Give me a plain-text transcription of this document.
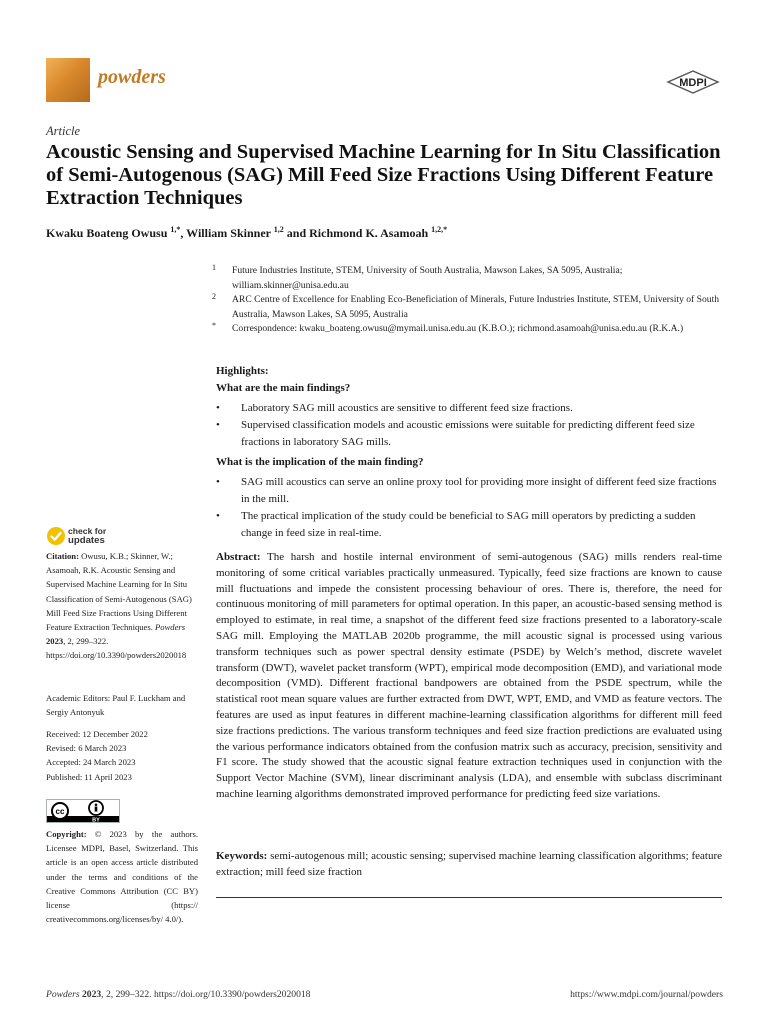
powders	MDPI
Article
Acoustic Sensing and Supervised Machine Learning for In Situ Classification of Semi-Autogenous (SAG) Mill Feed Size Fractions Using Different Feature Extraction Techniques
Kwaku Boateng Owusu $^{1,*}$, William Skinner $^{1,2}$ and Richmond K. Asamoah $^{1,2,*}$
1 Future Industries Institute, STEM, University of South Australia, Mawson Lakes, SA 5095, Australia; william.skinner@unisa.edu.au
2 ARC Centre of Excellence for Enabling Eco-Beneficiation of Minerals, Future Industries Institute, STEM, University of South Australia, Mawson Lakes, SA 5095, Australia
* Correspondence: kwaku_boateng.owusu@mymail.unisa.edu.au (K.B.O.); richmond.asamoah@unisa.edu.au (R.K.A.)
Highlights:
What are the main findings?
• Laboratory SAG mill acoustics are sensitive to different feed size fractions.
• Supervised classification models and acoustic emissions were suitable for predicting different feed size fractions in laboratory SAG mills.
What is the implication of the main finding?
• SAG mill acoustics can serve an online proxy tool for providing more insight of different feed size fractions in the mill.
• The practical implication of the study could be beneficial to SAG mill operators by predicting a sudden change in feed size in real-time.
check for
updates
Citation: Owusu, K.B.; Skinner, W.; Asamoah, R.K. Acoustic Sensing and Supervised Machine Learning for In Situ Classification of Semi-Autogenous (SAG) Mill Feed Size Fractions Using Different Feature Extraction Techniques. Powders 2023, 2, 299–322. https://doi.org/10.3390/powders2020018
Academic Editors: Paul F. Luckham and Sergiy Antonyuk
Received: 12 December 2022
Revised: 6 March 2023
Accepted: 24 March 2023
Published: 11 April 2023
cc
BY
Copyright: © 2023 by the authors. Licensee MDPI, Basel, Switzerland. This article is an open access article distributed under the terms and conditions of the Creative Commons Attribution (CC BY) license (https:// creativecommons.org/licenses/by/ 4.0/).
Abstract: The harsh and hostile internal environment of semi-autogenous (SAG) mills renders real-time monitoring of some critical variables practically unmeasured. Typically, feed size fractions are known to cause mill fluctuations and impede the consistent processing behaviour of ores. There is, therefore, the need for continuous monitoring of mill parameters for optimal operation. In this paper, an acoustic-based sensing method is employed to estimate, in real time, a snapshot of the different feed size fractions presented to a laboratory-scale SAG mill. Employing the MATLAB 2020b programme, the mill acoustic signal is processed using various transform techniques such as power spectral density estimate (PSDE) by Welch’s method, discrete wavelet transform (DWT), wavelet packet transform (WPT), empirical mode decomposition (EMD), and variational mode decomposition (VMD). Different fractional bandpowers are obtained from the PSDE spectrum, while the statistical root mean square values are further extracted from DWT, WPT, EMD, and VMD as feature vectors. The features are used as input features in different machine-learning classification algorithms for different mill feed size fractions predictions. The various transform techniques and feed size fraction predictions are evaluated using the various performance indicators obtained from the confusion matrix such as accuracy, precision, sensitivity and F1 score. The study showed that the acoustic signal feature extraction techniques used in conjunction with the Support Vector Machine (SVM), linear discriminant analysis (LDA), and ensemble with subclass discriminant machine learning algorithms demonstrated improved performance for predicting feed size variations.
Keywords: semi-autogenous mill; acoustic sensing; supervised machine learning classification algorithms; feature extraction; mill feed size fraction
Powders 2023, 2, 299–322. https://doi.org/10.3390/powders2020018	https://www.mdpi.com/journal/powders
